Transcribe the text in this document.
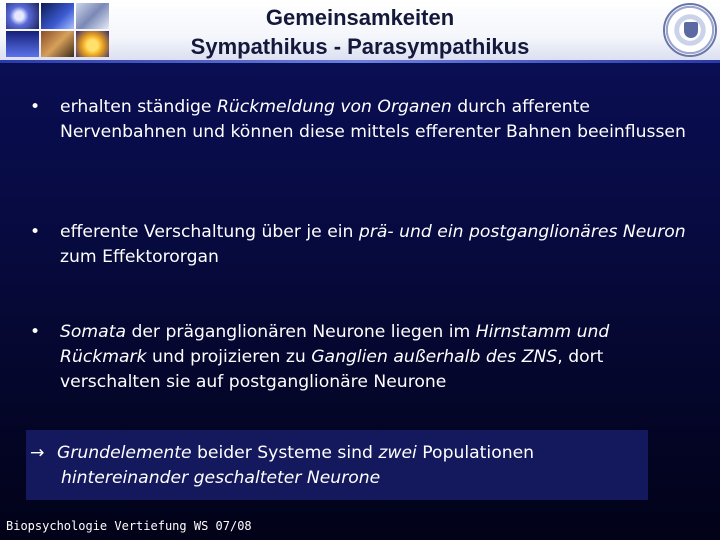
Gemeinsamkeiten
Sympathikus - Parasympathikus
•	erhalten ständige Rückmeldung von Organen durch afferente Nervenbahnen und können diese mittels efferenter Bahnen beeinflussen
•	efferente Verschaltung über je ein prä- und ein postganglionäres Neuron zum Effektororgan
•	Somata der präganglionären Neurone liegen im Hirnstamm und Rückmark und projizieren zu Ganglien außerhalb des ZNS, dort verschalten sie auf postganglionäre Neurone
→ Grundelemente beider Systeme sind zwei Populationen
hintereinander geschalteter Neurone
Biopsychologie Vertiefung WS 07/08
